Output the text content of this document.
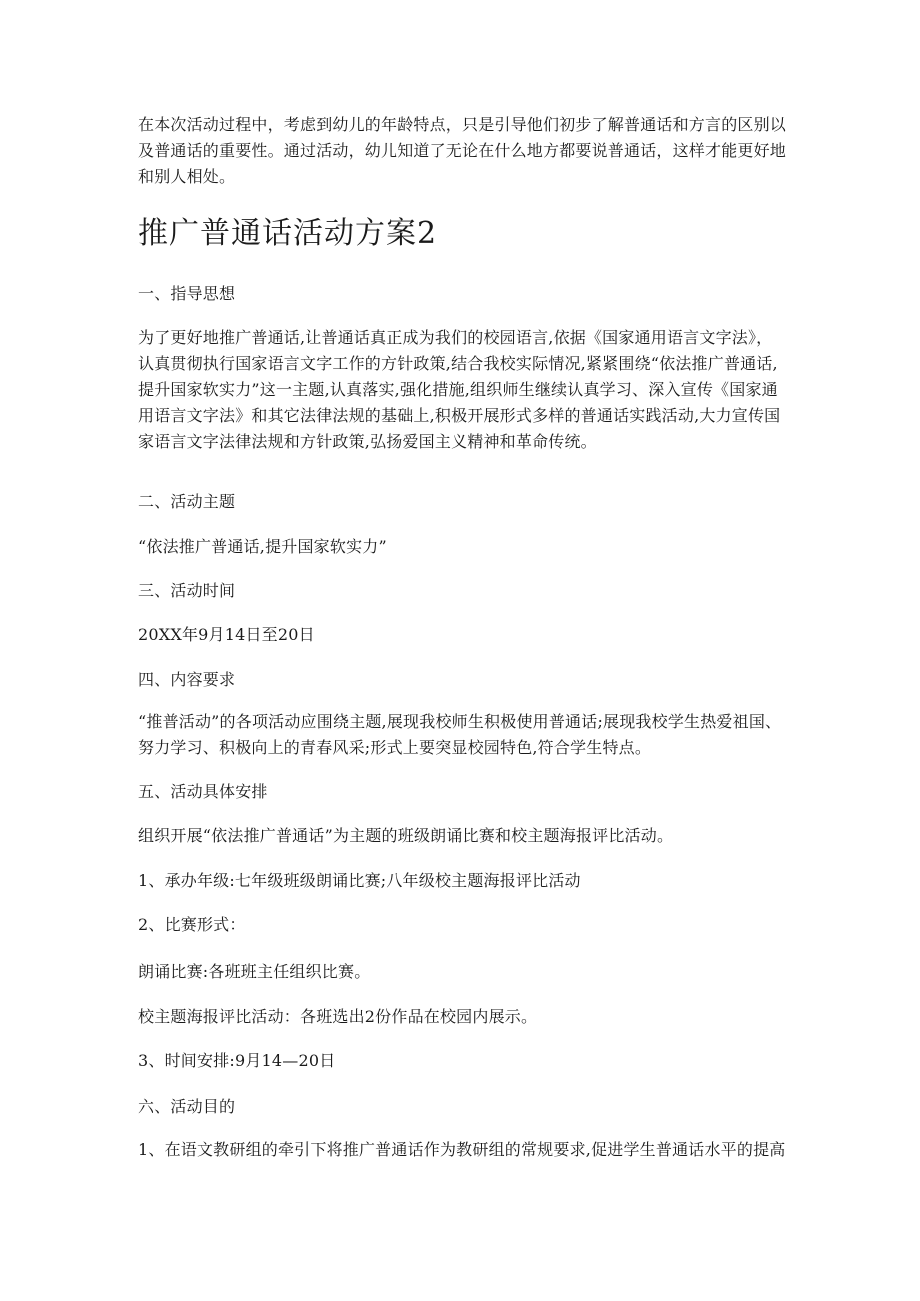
在本次活动过程中，考虑到幼儿的年龄特点，只是引导他们初步了解普通话和方言的区别以及普通话的重要性。通过活动，幼儿知道了无论在什么地方都要说普通话，这样才能更好地和别人相处。

推广普通话活动方案2

一、指导思想

为了更好地推广普通话,让普通话真正成为我们的校园语言,依据《国家通用语言文字法》，认真贯彻执行国家语言文字工作的方针政策,结合我校实际情况,紧紧围绕“依法推广普通话,提升国家软实力”这一主题,认真落实,强化措施,组织师生继续认真学习、深入宣传《国家通用语言文字法》和其它法律法规的基础上,积极开展形式多样的普通话实践活动,大力宣传国家语言文字法律法规和方针政策,弘扬爱国主义精神和革命传统。

二、活动主题

“依法推广普通话,提升国家软实力”

三、活动时间

20XX年9月14日至20日

四、内容要求

“推普活动”的各项活动应围绕主题,展现我校师生积极使用普通话;展现我校学生热爱祖国、努力学习、积极向上的青春风采;形式上要突显校园特色,符合学生特点。

五、活动具体安排

组织开展“依法推广普通话”为主题的班级朗诵比赛和校主题海报评比活动。

1、承办年级:七年级班级朗诵比赛;八年级校主题海报评比活动

2、比赛形式：

朗诵比赛:各班班主任组织比赛。

校主题海报评比活动：各班选出2份作品在校园内展示。

3、时间安排:9月14—20日

六、活动目的

1、在语文教研组的牵引下将推广普通话作为教研组的常规要求,促进学生普通话水平的提高
